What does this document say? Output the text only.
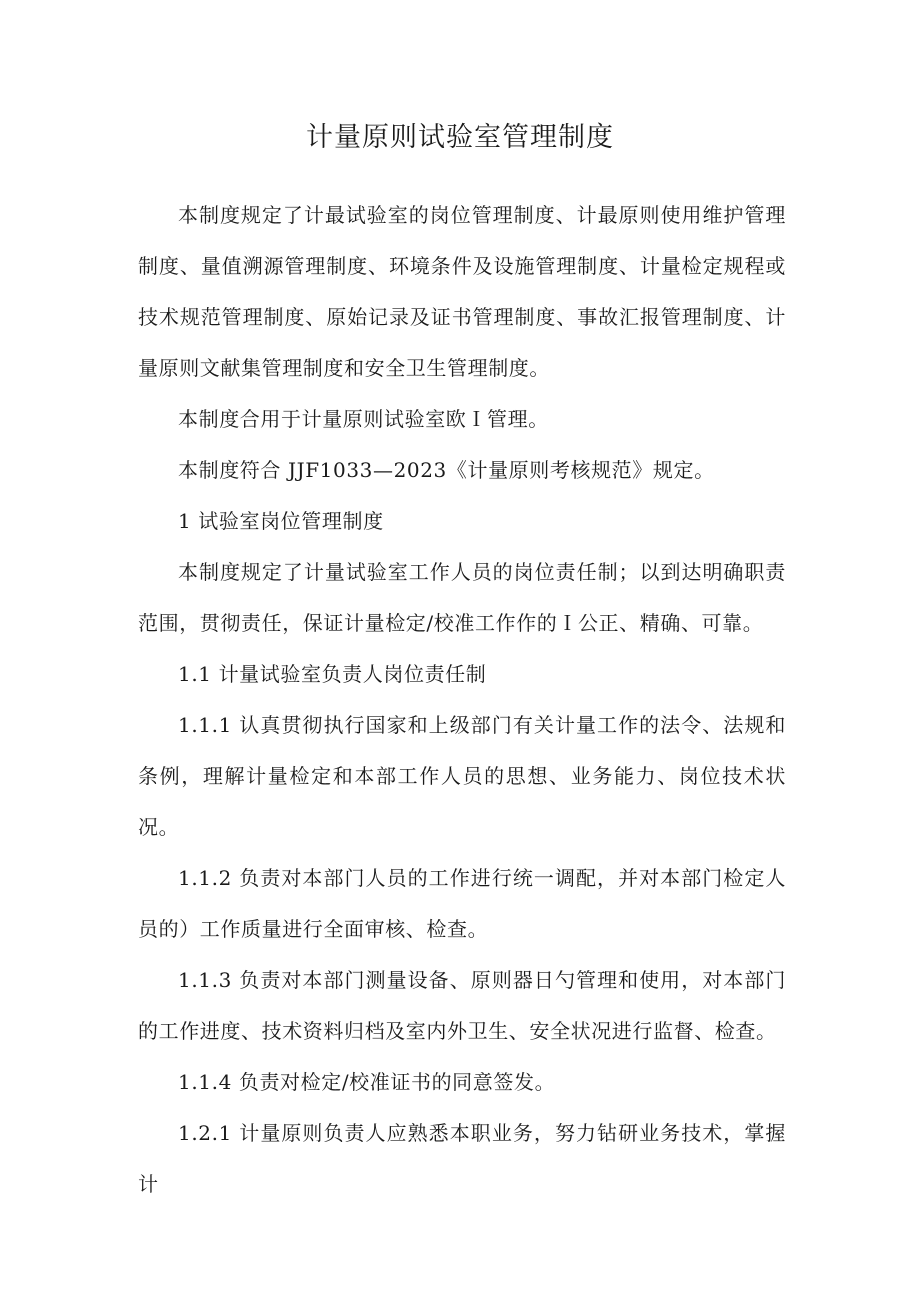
计量原则试验室管理制度

本制度规定了计最试验室的岗位管理制度、计最原则使用维护管理制度、量值溯源管理制度、环境条件及设施管理制度、计量检定规程或技术规范管理制度、原始记录及证书管理制度、事故汇报管理制度、计量原则文献集管理制度和安全卫生管理制度。

本制度合用于计量原则试验室欧Ｉ管理。

本制度符合 JJF1033—2023《计量原则考核规范》规定。

1 试验室岗位管理制度

本制度规定了计量试验室工作人员的岗位责任制；以到达明确职责范围，贯彻责任，保证计量检定/校准工作作的Ｉ公正、精确、可靠。

1.1 计量试验室负责人岗位责任制

1.1.1 认真贯彻执行国家和上级部门有关计量工作的法令、法规和条例，理解计量检定和本部工作人员的思想、业务能力、岗位技术状况。

1.1.2 负责对本部门人员的工作进行统一调配，并对本部门检定人员的）工作质量进行全面审核、检查。

1.1.3 负责对本部门测量设备、原则器日勺管理和使用，对本部门的工作进度、技术资料归档及室内外卫生、安全状况进行监督、检查。

1.1.4 负责对检定/校准证书的同意签发。

1.2.1 计量原则负责人应熟悉本职业务，努力钻研业务技术，掌握计
